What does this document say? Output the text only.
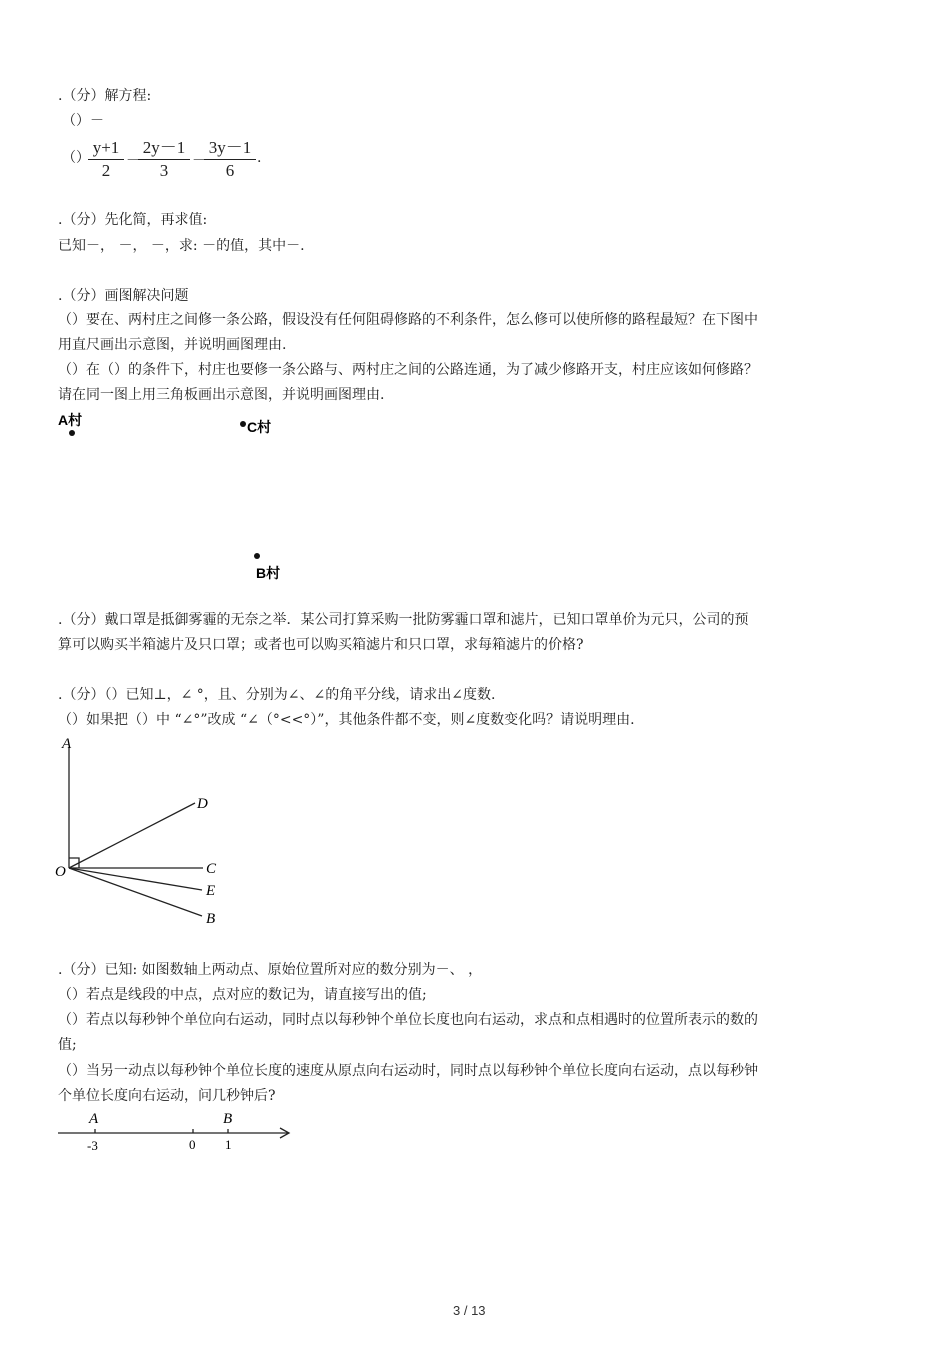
.（分）解方程:
（）－
（）
y+1
2	－
2y－1
3	－
3y－1
6
.
.（分）先化简，再求值:
已知－， －， －，求: －的值，其中－.
.（分）画图解决问题
（）要在、两村庄之间修一条公路，假设没有任何阻碍修路的不利条件，怎么修可以使所修的路程最短？在下图中
用直尺画出示意图，并说明画图理由.
（）在（）的条件下，村庄也要修一条公路与、两村庄之间的公路连通，为了减少修路开支，村庄应该如何修路？
请在同一图上用三角板画出示意图，并说明画图理由.
A村	C村
B村
.（分）戴口罩是抵御雾霾的无奈之举．某公司打算采购一批防雾霾口罩和滤片，已知口罩单价为元只，公司的预
算可以购买半箱滤片及只口罩；或者也可以购买箱滤片和只口罩，求每箱滤片的价格?
.（分）（）已知⊥，∠ °，且、分别为∠、∠的角平分线，请求出∠度数.
（）如果把（）中 “∠°”改成 “∠（°<<°）”，其他条件都不变，则∠度数变化吗？请说明理由.
A
D
O	C
E
B
.（分）已知: 如图数轴上两动点、原始位置所对应的数分别为－、 ，
（）若点是线段的中点，点对应的数记为，请直接写出的值;
（）若点以每秒钟个单位向右运动，同时点以每秒钟个单位长度也向右运动，求点和点相遇时的位置所表示的数的
值;
（）当另一动点以每秒钟个单位长度的速度从原点向右运动时，同时点以每秒钟个单位长度向右运动，点以每秒钟
个单位长度向右运动，问几秒钟后?
A	B
-3	0 1
3 / 13
